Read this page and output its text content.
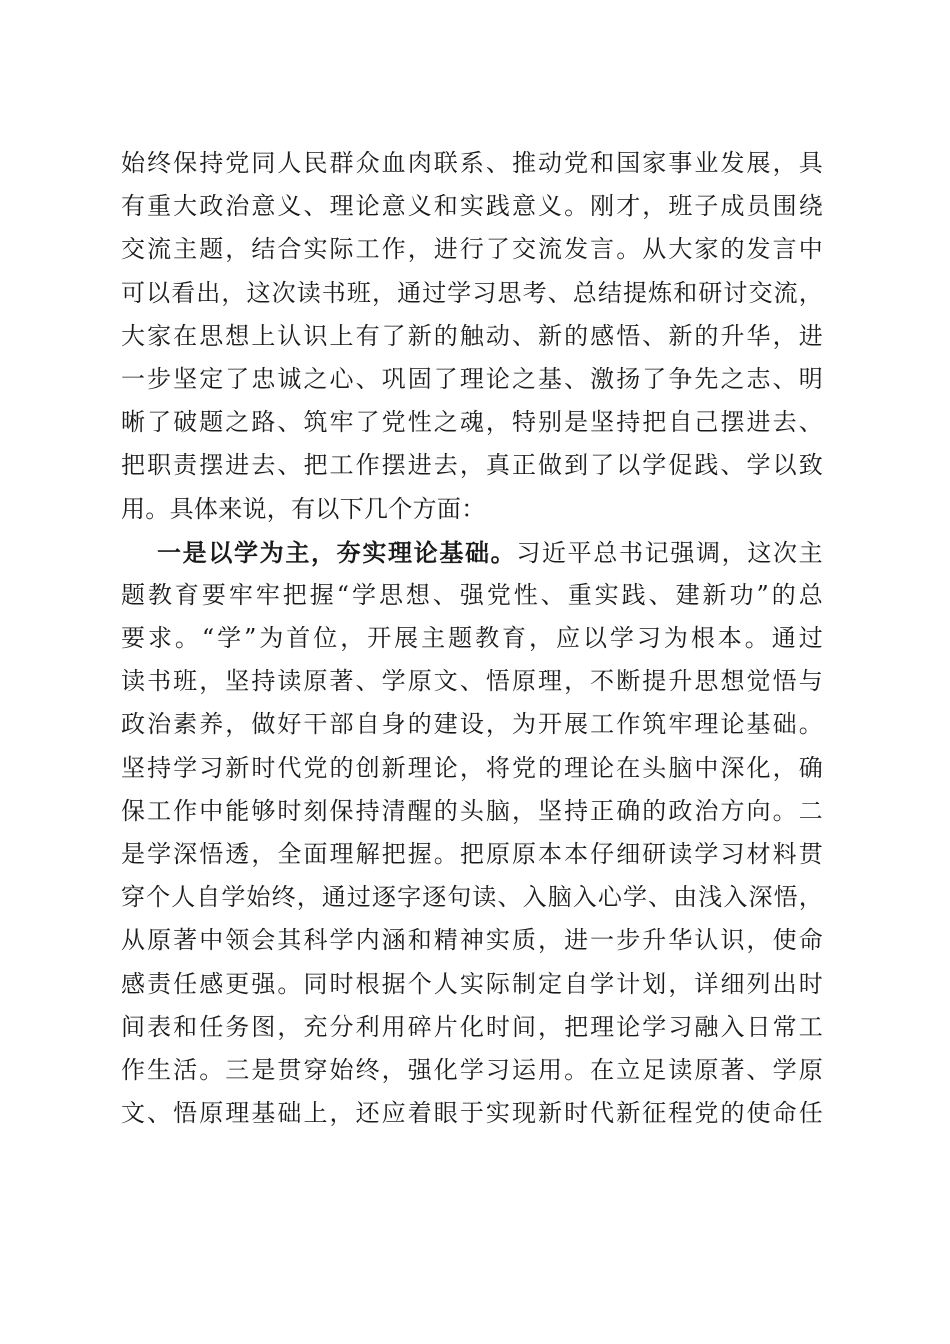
始终保持党同人民群众血肉联系、推动党和国家事业发展，具
有重大政治意义、理论意义和实践意义。刚才，班子成员围绕
交流主题，结合实际工作，进行了交流发言。从大家的发言中
可以看出，这次读书班，通过学习思考、总结提炼和研讨交流，
大家在思想上认识上有了新的触动、新的感悟、新的升华，进
一步坚定了忠诚之心、巩固了理论之基、激扬了争先之志、明
晰了破题之路、筑牢了党性之魂，特别是坚持把自己摆进去、
把职责摆进去、把工作摆进去，真正做到了以学促践、学以致
用。具体来说，有以下几个方面：
一是以学为主，夯实理论基础。习近平总书记强调，这次主
题教育要牢牢把握“学思想、强党性、重实践、建新功”的总
要求。“学”为首位，开展主题教育，应以学习为根本。通过
读书班，坚持读原著、学原文、悟原理，不断提升思想觉悟与
政治素养，做好干部自身的建设，为开展工作筑牢理论基础。
坚持学习新时代党的创新理论，将党的理论在头脑中深化，确
保工作中能够时刻保持清醒的头脑，坚持正确的政治方向。二
是学深悟透，全面理解把握。把原原本本仔细研读学习材料贯
穿个人自学始终，通过逐字逐句读、入脑入心学、由浅入深悟，
从原著中领会其科学内涵和精神实质，进一步升华认识，使命
感责任感更强。同时根据个人实际制定自学计划，详细列出时
间表和任务图，充分利用碎片化时间，把理论学习融入日常工
作生活。三是贯穿始终，强化学习运用。在立足读原著、学原
文、悟原理基础上，还应着眼于实现新时代新征程党的使命任
